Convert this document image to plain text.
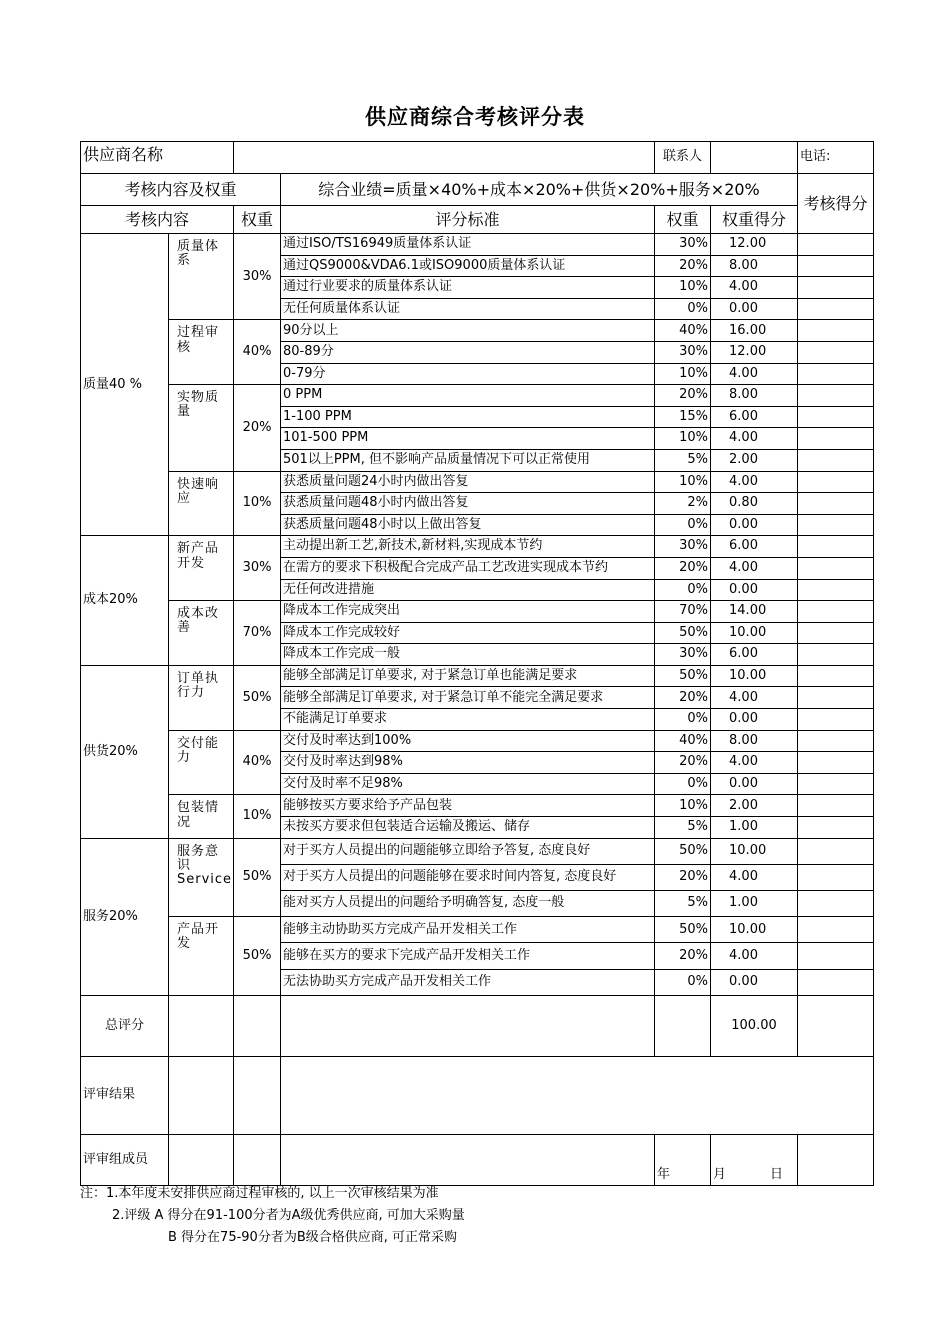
供应商综合考核评分表
供应商名称				联系人		电话:
考核内容及权重			综合业绩=质量×40%+成本×20%+供货×20%+服务×20%			考核得分
考核内容		权重	评分标准	权重	权重得分	
质量40 %	质量体系	30%	通过ISO/TS16949质量体系认证	30%	12.00	
			通过QS9000&VDA6.1或ISO9000质量体系认证	20%	8.00	
			通过行业要求的质量体系认证	10%	4.00	
			无任何质量体系认证	0%	0.00	
	过程审核	40%	90分以上	40%	16.00	
			80-89分	30%	12.00	
			0-79分	10%	4.00	
	实物质量	20%	0 PPM	20%	8.00	
			1-100 PPM	15%	6.00	
			101-500 PPM	10%	4.00	
			501以上PPM, 但不影响产品质量情况下可以正常使用	5%	2.00	
	快速响应	10%	获悉质量问题24小时内做出答复	10%	4.00	
			获悉质量问题48小时内做出答复	2%	0.80	
			获悉质量问题48小时以上做出答复	0%	0.00	
成本20%	新产品开发	30%	主动提出新工艺,新技术,新材料,实现成本节约	30%	6.00	
			在需方的要求下积极配合完成产品工艺改进实现成本节约	20%	4.00	
			无任何改进措施	0%	0.00	
	成本改善	70%	降成本工作完成突出	70%	14.00	
			降成本工作完成较好	50%	10.00	
			降成本工作完成一般	30%	6.00	
供货20%	订单执行力	50%	能够全部满足订单要求, 对于紧急订单也能满足要求	50%	10.00	
			能够全部满足订单要求, 对于紧急订单不能完全满足要求	20%	4.00	
			不能满足订单要求	0%	0.00	
	交付能力	40%	交付及时率达到100%	40%	8.00	
			交付及时率达到98%	20%	4.00	
			交付及时率不足98%	0%	0.00	
	包装情况	10%	能够按买方要求给予产品包装	10%	2.00	
			未按买方要求但包装适合运输及搬运、储存	5%	1.00	
服务20%	服务意识Service	50%	对于买方人员提出的问题能够立即给予答复, 态度良好	50%	10.00	
			对于买方人员提出的问题能够在要求时间内答复, 态度良好	20%	4.00	
			能对买方人员提出的问题给予明确答复, 态度一般	5%	1.00	
	产品开发	50%	能够主动协助买方完成产品开发相关工作	50%	10.00	
			能够在买方的要求下完成产品开发相关工作	20%	4.00	
			无法协助买方完成产品开发相关工作	0%	0.00	
总评分					100.00	
评审结果						
评审组成员				年	月 日	
注：1.本年度未安排供应商过程审核的, 以上一次审核结果为准
2.评级 A 得分在91-100分者为A级优秀供应商, 可加大采购量
B 得分在75-90分者为B级合格供应商, 可正常采购
